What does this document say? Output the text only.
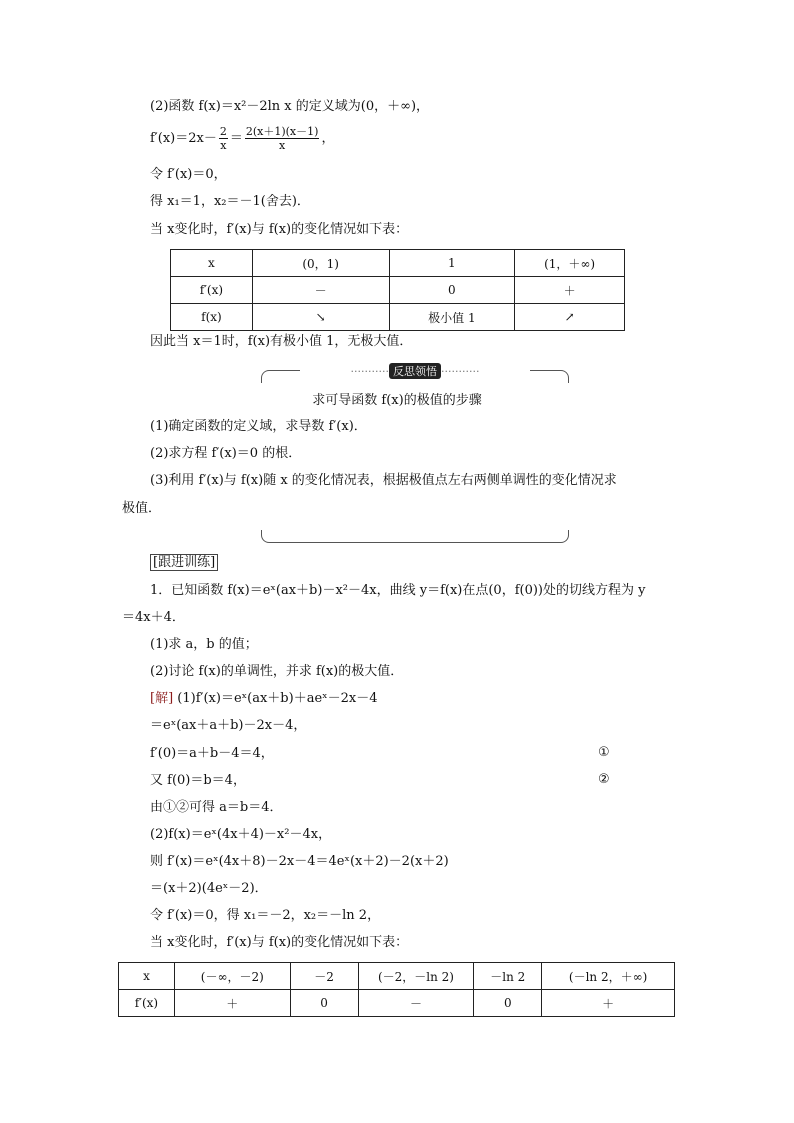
(2)函数 f(x)＝x²－2ln x 的定义域为(0，＋∞)，
$f'(x)=2x- \frac{2}{x} = \frac{2(x+1)(x-1)}{x}$ ，
令 f′(x)＝0，
得 x₁＝1，x₂＝－1(舍去)．
当 x变化时，f′(x)与 f(x)的变化情况如下表：
x	(0，1)	1	(1，＋∞)
f′(x)	－	0	＋
f(x)	↘	极小值 1	↗
因此当 x＝1时，f(x)有极小值 1，无极大值．
··········· 反思领悟 ···········
求可导函数 f(x)的极值的步骤
(1)确定函数的定义域，求导数 f′(x)．
(2)求方程 f′(x)＝0 的根．
(3)利用 f′(x)与 f(x)随 x 的变化情况表，根据极值点左右两侧单调性的变化情况求
极值．
[跟进训练]
1．已知函数 f(x)＝eˣ(ax＋b)－x²－4x，曲线 y＝f(x)在点(0，f(0))处的切线方程为 y
＝4x＋4．
(1)求 a，b 的值；
(2)讨论 f(x)的单调性，并求 f(x)的极大值．
[解] (1)f′(x)＝eˣ(ax＋b)＋aeˣ－2x－4
＝eˣ(ax＋a＋b)－2x－4，
f′(0)＝a＋b－4＝4，	①
又 f(0)＝b＝4，	②
由①②可得 a＝b＝4．
(2)f(x)＝eˣ(4x＋4)－x²－4x，
则 f′(x)＝eˣ(4x＋8)－2x－4＝4eˣ(x＋2)－2(x＋2)
＝(x＋2)(4eˣ－2)．
令 f′(x)＝0，得 x₁＝－2，x₂＝－ln 2，
当 x变化时，f′(x)与 f(x)的变化情况如下表：
x	(－∞，－2)	－2	(－2，－ln 2)	－ln 2	(－ln 2，＋∞)
f′(x)	＋	0	－	0	＋
